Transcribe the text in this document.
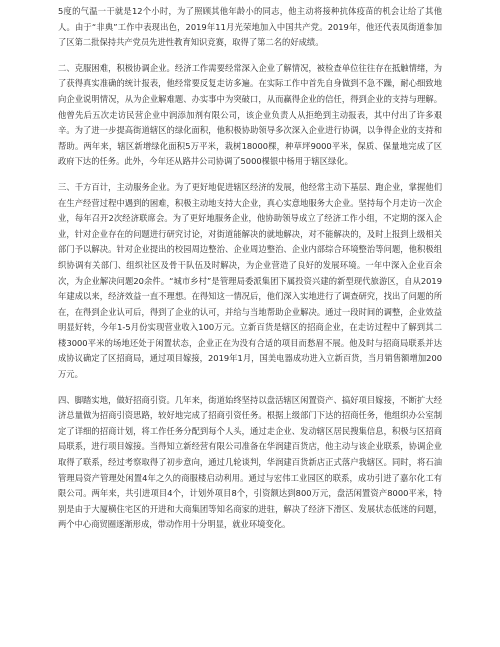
5度的气温一干就是12个小时，为了照顾其他年龄小的同志，他主动将接种抗体疫苗的机会让给了其他人。由于“非典”工作中表现出色，2019年11月光荣地加入中国共产党。2019年，他还代表凤街道参加了区第二批保持共产党员先进性教育知识竞赛，取得了第二名的好成绩。

二、克服困难，积极协调企业。经济工作需要经常深入企业了解情况，被检查单位往往存在抵触情绪，为了获得真实准确的统计报表，他经常要反复走访多遍。在实际工作中首先自身做到不急不躁，耐心细致地向企业说明情况，从为企业解难题、办实事中为突破口，从而赢得企业的信任，得到企业的支持与理解。他曾先后五次走访民营企业中润添加剂有限公司，该企业负责人从拒绝到主动报表，其中付出了许多艰辛。为了进一步提高街道辖区的绿化面积，他积极协助领导多次深入企业进行协调，以争得企业的支持和帮助。两年来，辖区新增绿化面积5万平米，栽树18000棵，种草坪9000平米，保质、保量地完成了区政府下达的任务。此外，今年还从路井公司协调了5000棵银中杨用于辖区绿化。

三、千方百计，主动服务企业。为了更好地促进辖区经济的发展，他经常主动下基层、跑企业，掌握他们在生产经营过程中遇到的困难，积极主动地支持大企业，真心实意地服务大企业。坚持每个月走访一次企业，每年召开2次经济联席会。为了更好地服务企业，他协助领导成立了经济工作小组，不定期的深入企业，针对企业存在的问题进行研究讨论，对街道能解决的就地解决，对不能解决的，及时上报到上级相关部门予以解决。针对企业提出的校园周边整治、企业周边整治、企业内部综合环境整治等问题，他积极组织协调有关部门、组织社区及骨干队伍及时解决，为企业营造了良好的发展环境。一年中深入企业百余次，为企业解决问题20余件。“城市乡村”是管理局委派集团下属投资兴建的新型现代旅游区，自从2019年建成以来，经济效益一直不理想。在得知这一情况后，他们深入实地进行了调查研究，找出了问题的所在，在得到企业认可后，得到了企业的认可，并给与当地帮助企业解决。通过一段时间的调整，企业效益明显好转，今年1-5月份实现营业收入100万元。立新百货是辖区的招商企业，在走访过程中了解到其二楼3000平米的场地还处于闲置状态，企业正在为没有合适的项目而愁眉不展。他及时与招商局联系并达成协议确定了区招商局，通过项目嫁接，2019年1月，国美电器成功进入立新百货，当月销售额增加200万元。

四、脚踏实地，做好招商引资。几年来，街道始终坚持以盘活辖区闲置资产、搞好项目嫁接，不断扩大经济总量做为招商引资思路，较好地完成了招商引资任务。根据上级部门下达的招商任务，他组织办公室制定了详细的招商计划，将工作任务分配到每个人头，通过走企业、发动辖区居民搜集信息，积极与区招商局联系，进行项目嫁接。当得知立新经营有限公司准备在华润建百货店，他主动与该企业联系，协调企业取得了联系，经过考察取得了初步意向，通过几轮谈判，华润建百货新店正式落户我辖区。同时，将石油管理局资产管理处闲置4年之久的商服楼启动利用。通过与宏伟工业园区的联系，成功引进了嘉尔化工有限公司。两年来，共引进项目4个，计划外项目8个，引资额达到800万元，盘活闲置资产8000平米，特别是由于大厦横住宅区的开进和大商集团等知名商家的进驻，解决了经济下滑区、发展状态低迷的问题，两个中心商贸圈逐渐形成，带动作用十分明显，就业环境变化。
